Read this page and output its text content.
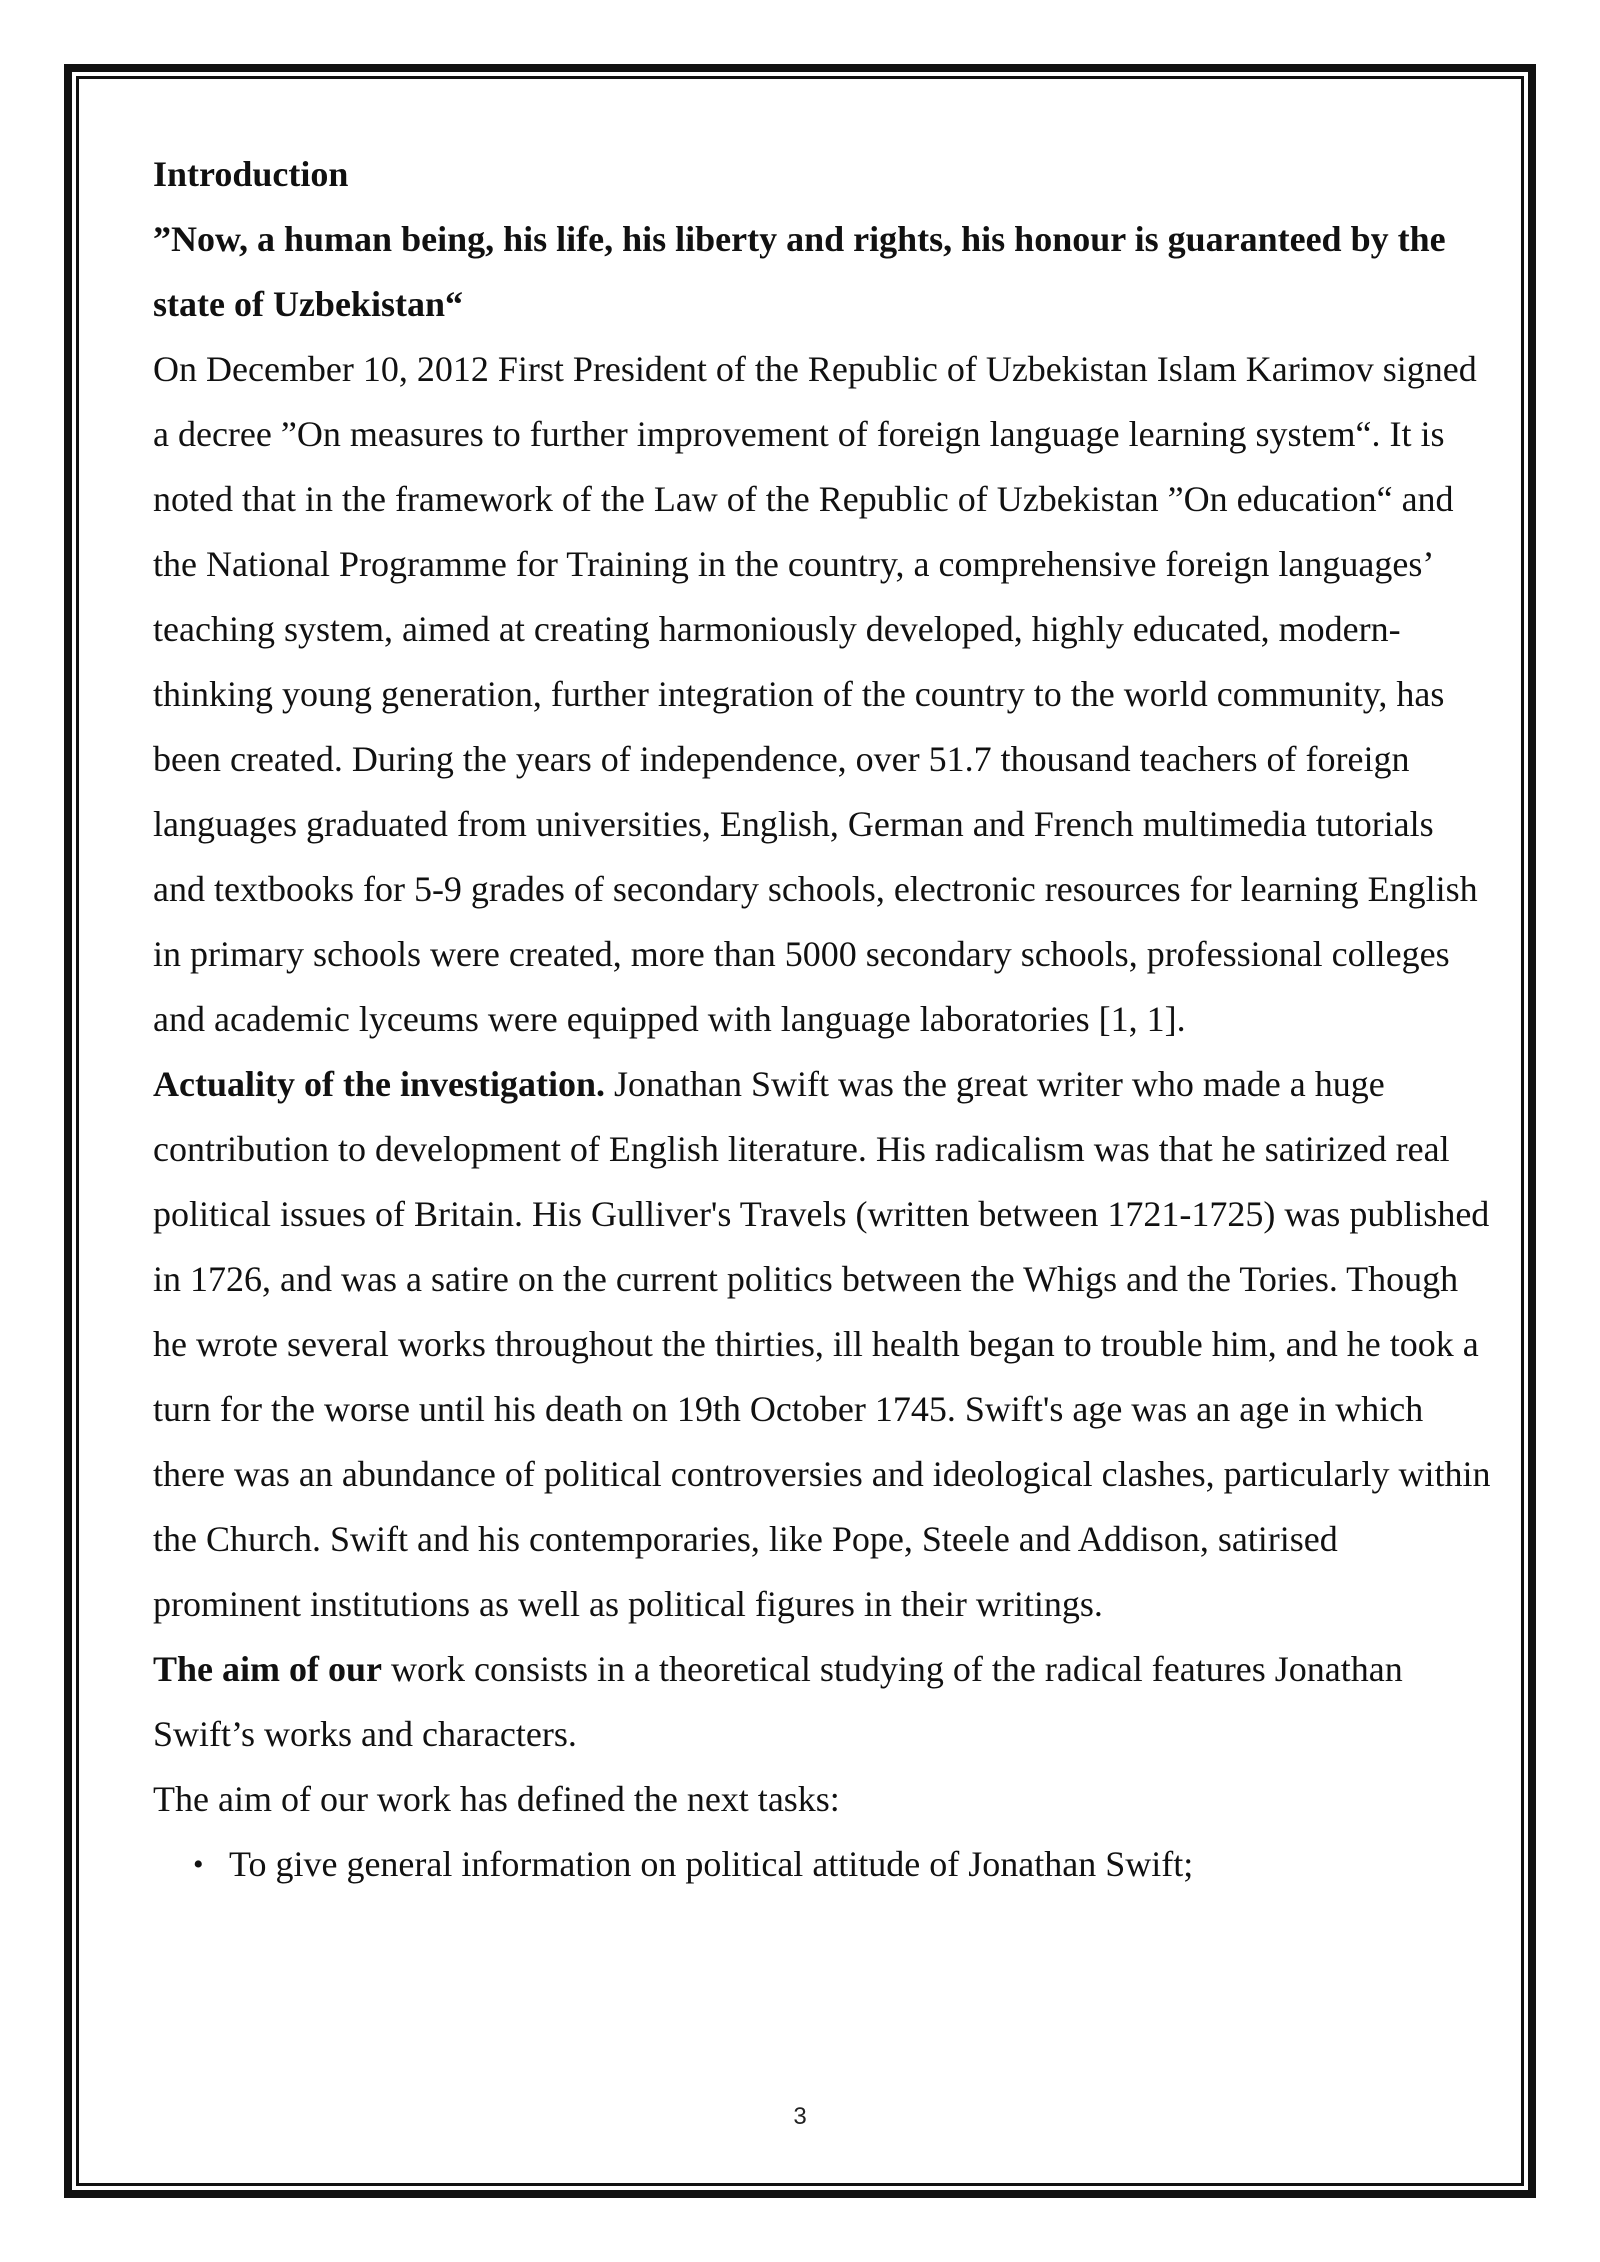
Introduction

”Now, a human being, his life, his liberty and rights, his honour is guaranteed by the state of Uzbekistan“

On December 10, 2012 First President of the Republic of Uzbekistan Islam Karimov signed a decree ”On measures to further improvement of foreign language learning system“. It is noted that in the framework of the Law of the Republic of Uzbekistan ”On education“ and the National Programme for Training in the country, a comprehensive foreign languages’ teaching system, aimed at creating harmoniously developed, highly educated, modern-thinking young generation, further integration of the country to the world community, has been created. During the years of independence, over 51.7 thousand teachers of foreign languages graduated from universities, English, German and French multimedia tutorials and textbooks for 5-9 grades of secondary schools, electronic resources for learning English in primary schools were created, more than 5000 secondary schools, professional colleges and academic lyceums were equipped with language laboratories [1, 1].

Actuality of the investigation. Jonathan Swift was the great writer who made a huge contribution to development of English literature. His radicalism was that he satirized real political issues of Britain. His Gulliver's Travels (written between 1721-1725) was published in 1726, and was a satire on the current politics between the Whigs and the Tories. Though he wrote several works throughout the thirties, ill health began to trouble him, and he took a turn for the worse until his death on 19th October 1745. Swift's age was an age in which there was an abundance of political controversies and ideological clashes, particularly within the Church. Swift and his contemporaries, like Pope, Steele and Addison, satirised prominent institutions as well as political figures in their writings.

The aim of our work consists in a theoretical studying of the radical features Jonathan Swift’s works and characters.

The aim of our work has defined the next tasks:

• To give general information on political attitude of Jonathan Swift;
3
